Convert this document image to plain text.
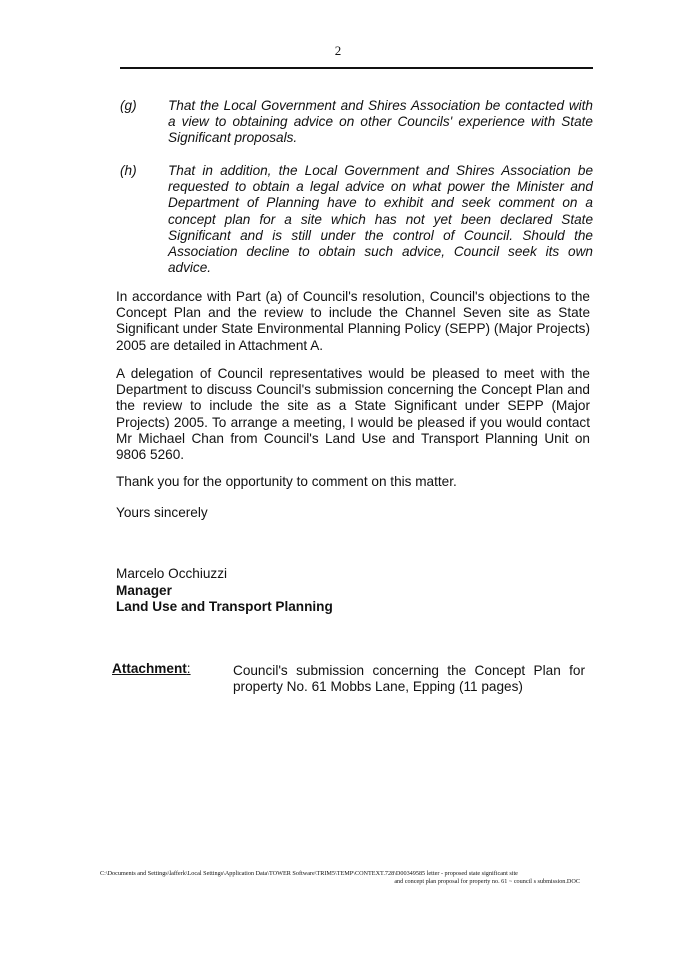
2
(g) That the Local Government and Shires Association be contacted with a view to obtaining advice on other Councils' experience with State Significant proposals.
(h) That in addition, the Local Government and Shires Association be requested to obtain a legal advice on what power the Minister and Department of Planning have to exhibit and seek comment on a concept plan for a site which has not yet been declared State Significant and is still under the control of Council. Should the Association decline to obtain such advice, Council seek its own advice.
In accordance with Part (a) of Council's resolution, Council's objections to the Concept Plan and the review to include the Channel Seven site as State Significant under State Environmental Planning Policy (SEPP) (Major Projects) 2005 are detailed in Attachment A.
A delegation of Council representatives would be pleased to meet with the Department to discuss Council's submission concerning the Concept Plan and the review to include the site as a State Significant under SEPP (Major Projects) 2005. To arrange a meeting, I would be pleased if you would contact Mr Michael Chan from Council's Land Use and Transport Planning Unit on 9806 5260.
Thank you for the opportunity to comment on this matter.
Yours sincerely
Marcelo Occhiuzzi
Manager
Land Use and Transport Planning
Attachment:	Council's submission concerning the Concept Plan for property No. 61 Mobbs Lane, Epping (11 pages)
C:\Documents and Settings\lafferk\Local Settings\Application Data\TOWER Software\TRIM5\TEMP\CONTEXT.728\D00349585 letter - proposed state significant site
and concept plan proposal for property no. 61 ~ council s submission.DOC
